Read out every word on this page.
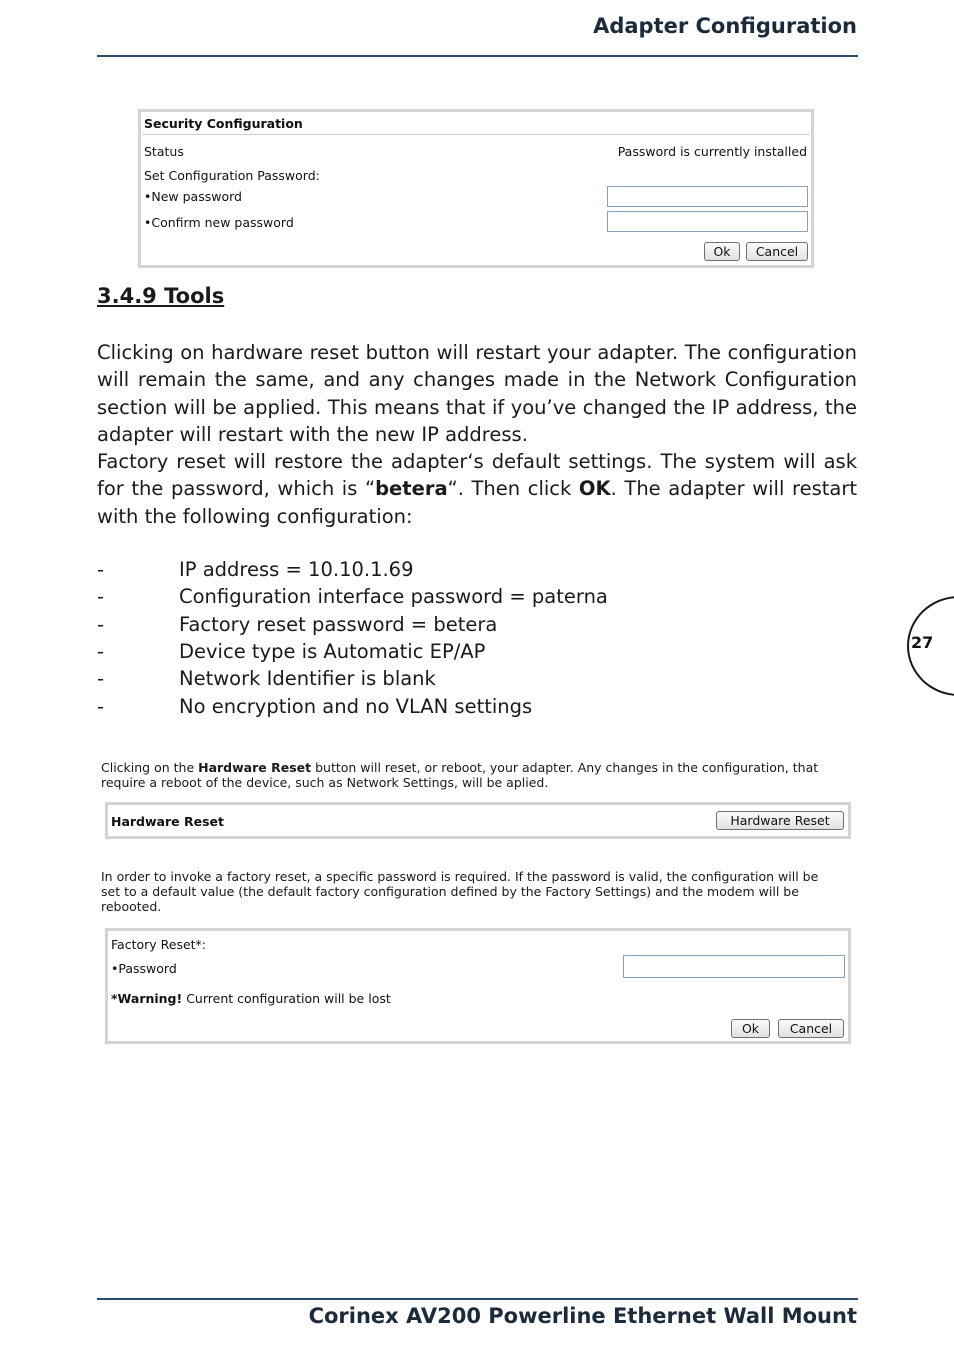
Adapter Configuration
Security Configuration
Status	Password is currently installed
Set Configuration Password:
•New password
•Confirm new password
Ok	Cancel
3.4.9 Tools
Clicking on hardware reset button will restart your adapter. The configuration will remain the same, and any changes made in the Network Configuration section will be applied. This means that if you’ve changed the IP address, the adapter will restart with the new IP address.
Factory reset will restore the adapter‘s default settings. The system will ask for the password, which is “betera“. Then click OK. The adapter will restart with the following configuration:
-	IP address = 10.10.1.69
-	Configuration interface password = paterna
-	Factory reset password = betera
-	Device type is Automatic EP/AP
-	Network Identifier is blank
-	No encryption and no VLAN settings
27
Clicking on the Hardware Reset button will reset, or reboot, your adapter. Any changes in the configuration, that require a reboot of the device, such as Network Settings, will be aplied.
Hardware Reset	Hardware Reset
In order to invoke a factory reset, a specific password is required. If the password is valid, the configuration will be set to a default value (the default factory configuration defined by the Factory Settings) and the modem will be rebooted.
Factory Reset*:
•Password
*Warning! Current configuration will be lost
Ok	Cancel
Corinex AV200 Powerline Ethernet Wall Mount
